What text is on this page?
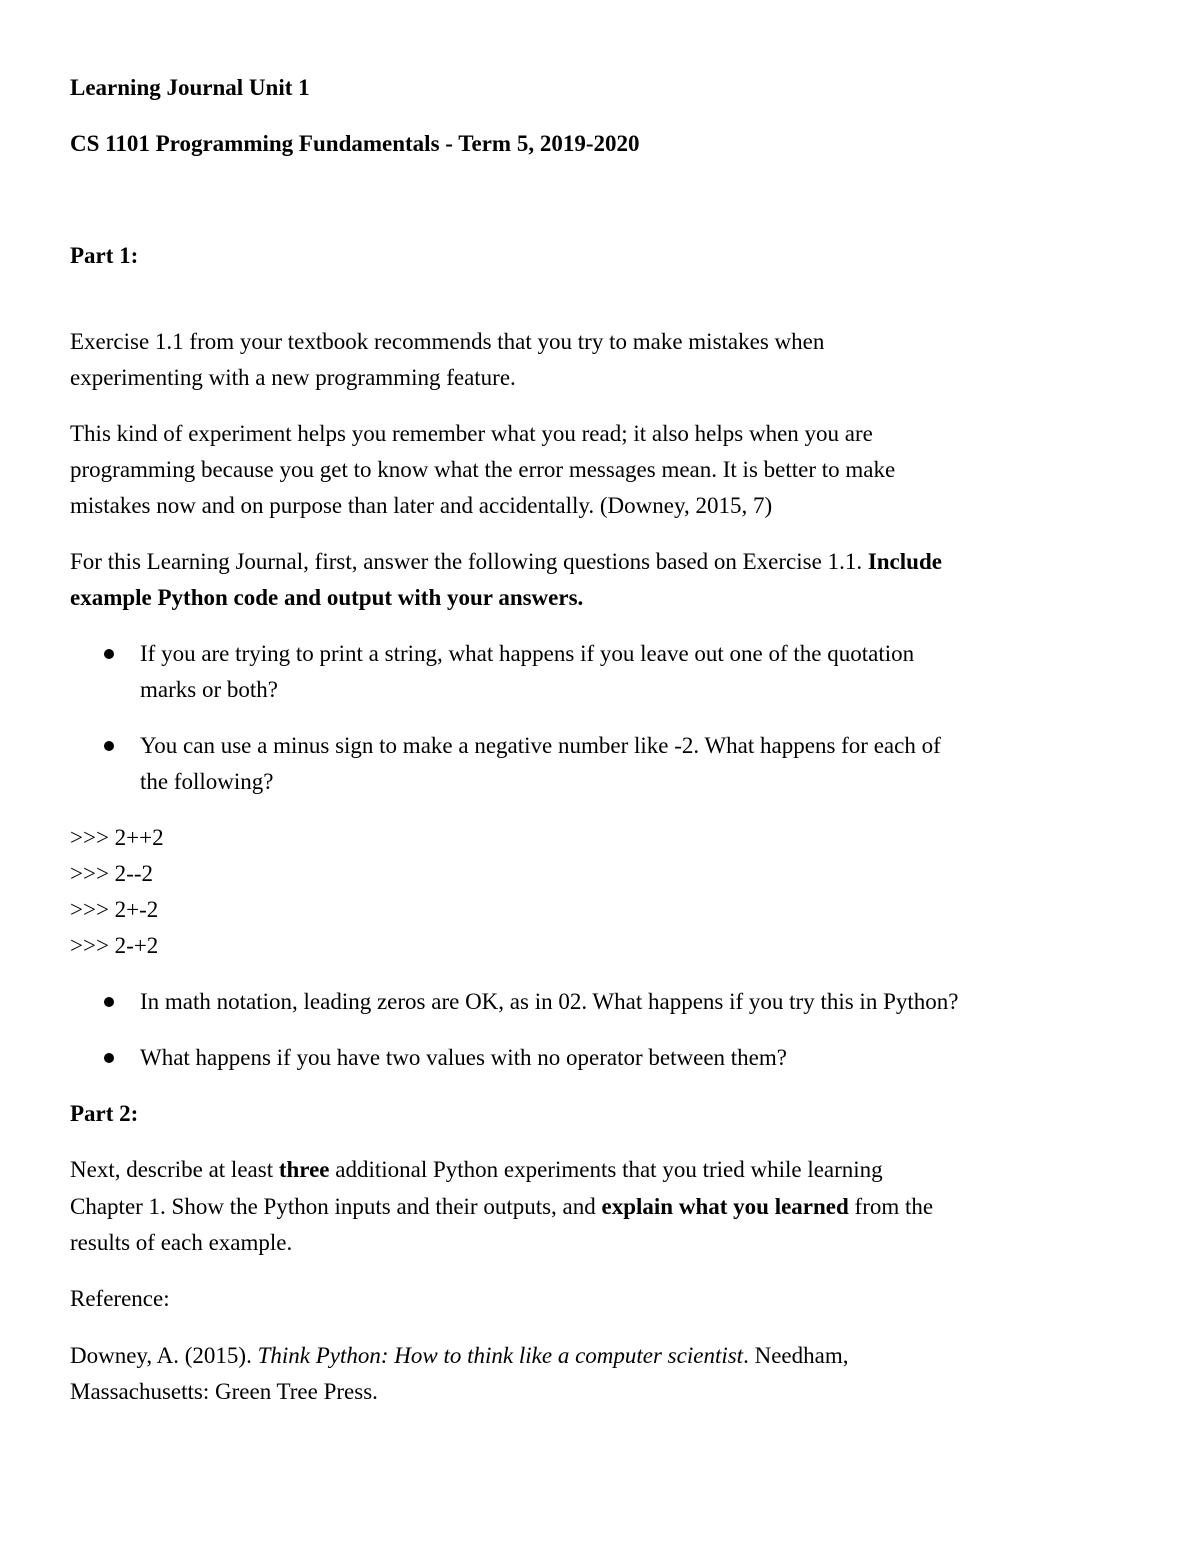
Learning Journal Unit 1
CS 1101 Programming Fundamentals - Term 5, 2019-2020
Part 1:
Exercise 1.1 from your textbook recommends that you try to make mistakes when
experimenting with a new programming feature.
This kind of experiment helps you remember what you read; it also helps when you are
programming because you get to know what the error messages mean. It is better to make
mistakes now and on purpose than later and accidentally. (Downey, 2015, 7)
For this Learning Journal, first, answer the following questions based on Exercise 1.1. Include
example Python code and output with your answers.
If you are trying to print a string, what happens if you leave out one of the quotation
marks or both?
You can use a minus sign to make a negative number like -2. What happens for each of
the following?
>>> 2++2
>>> 2--2
>>> 2+-2
>>> 2-+2
In math notation, leading zeros are OK, as in 02. What happens if you try this in Python?
What happens if you have two values with no operator between them?
Part 2:
Next, describe at least three additional Python experiments that you tried while learning
Chapter 1. Show the Python inputs and their outputs, and explain what you learned from the
results of each example.
Reference:
Downey, A. (2015). Think Python: How to think like a computer scientist. Needham,
Massachusetts: Green Tree Press.
